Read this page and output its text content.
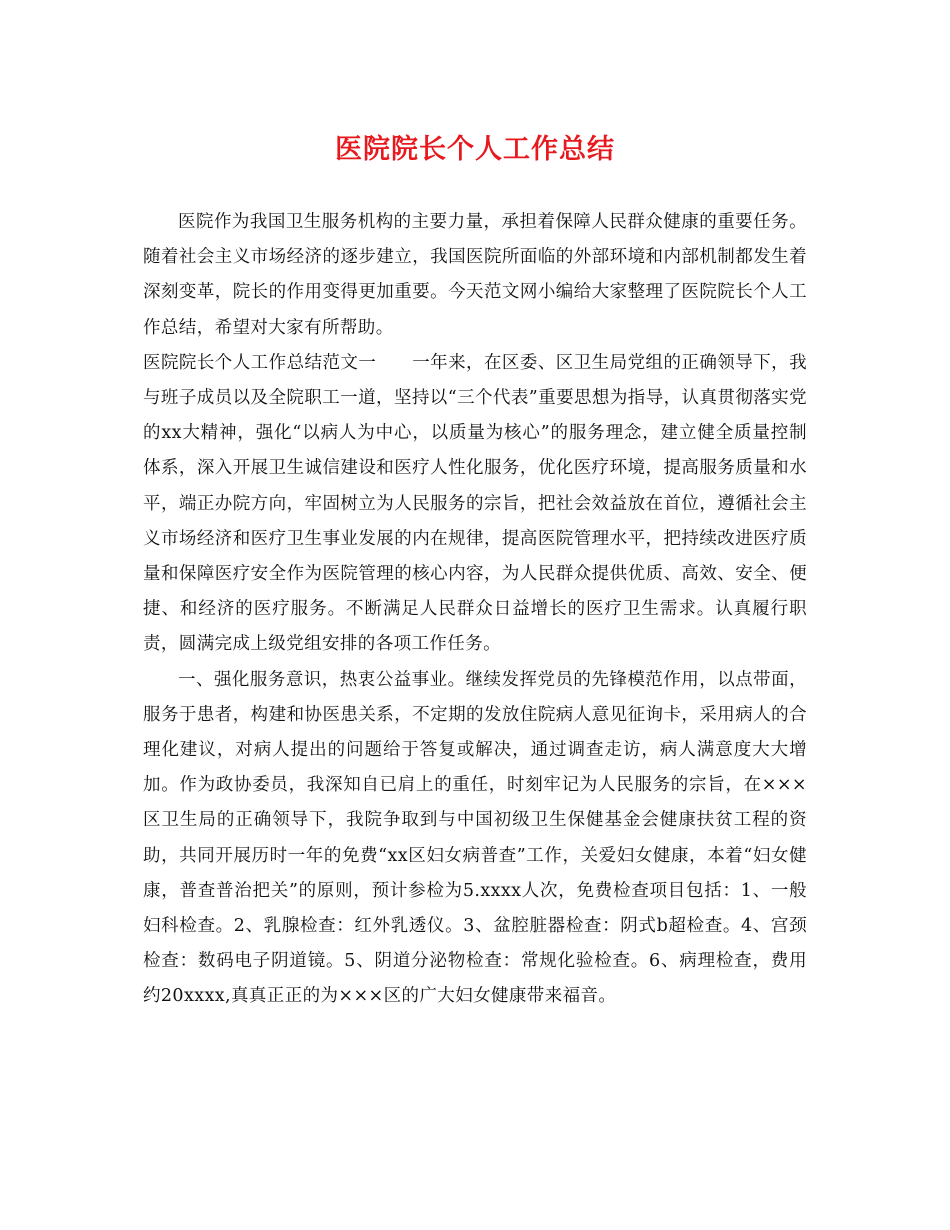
医院院长个人工作总结

医院作为我国卫生服务机构的主要力量，承担着保障人民群众健康的重要任务。随着社会主义市场经济的逐步建立，我国医院所面临的外部环境和内部机制都发生着深刻变革，院长的作用变得更加重要。今天范文网小编给大家整理了医院院长个人工作总结，希望对大家有所帮助。

医院院长个人工作总结范文一　　一年来，在区委、区卫生局党组的正确领导下，我与班子成员以及全院职工一道，坚持以“三个代表”重要思想为指导，认真贯彻落实党的xx大精神，强化“以病人为中心，以质量为核心”的服务理念，建立健全质量控制体系，深入开展卫生诚信建设和医疗人性化服务，优化医疗环境，提高服务质量和水平，端正办院方向，牢固树立为人民服务的宗旨，把社会效益放在首位，遵循社会主义市场经济和医疗卫生事业发展的内在规律，提高医院管理水平，把持续改进医疗质量和保障医疗安全作为医院管理的核心内容，为人民群众提供优质、高效、安全、便捷、和经济的医疗服务。不断满足人民群众日益增长的医疗卫生需求。认真履行职责，圆满完成上级党组安排的各项工作任务。

一、强化服务意识，热衷公益事业。继续发挥党员的先锋模范作用，以点带面，服务于患者，构建和协医患关系，不定期的发放住院病人意见征询卡，采用病人的合理化建议，对病人提出的问题给于答复或解决，通过调查走访，病人满意度大大增加。作为政协委员，我深知自已肩上的重任，时刻牢记为人民服务的宗旨，在×××区卫生局的正确领导下，我院争取到与中国初级卫生保健基金会健康扶贫工程的资助，共同开展历时一年的免费“xx区妇女病普查”工作，关爱妇女健康，本着“妇女健康，普查普治把关”的原则，预计参检为5.xxxx人次，免费检查项目包括：1、一般妇科检查。2、乳腺检查：红外乳透仪。3、盆腔脏器检查：阴式b超检查。4、宫颈检查：数码电子阴道镜。5、阴道分泌物检查：常规化验检查。6、病理检查，费用约20xxxx,真真正正的为×××区的广大妇女健康带来福音。
